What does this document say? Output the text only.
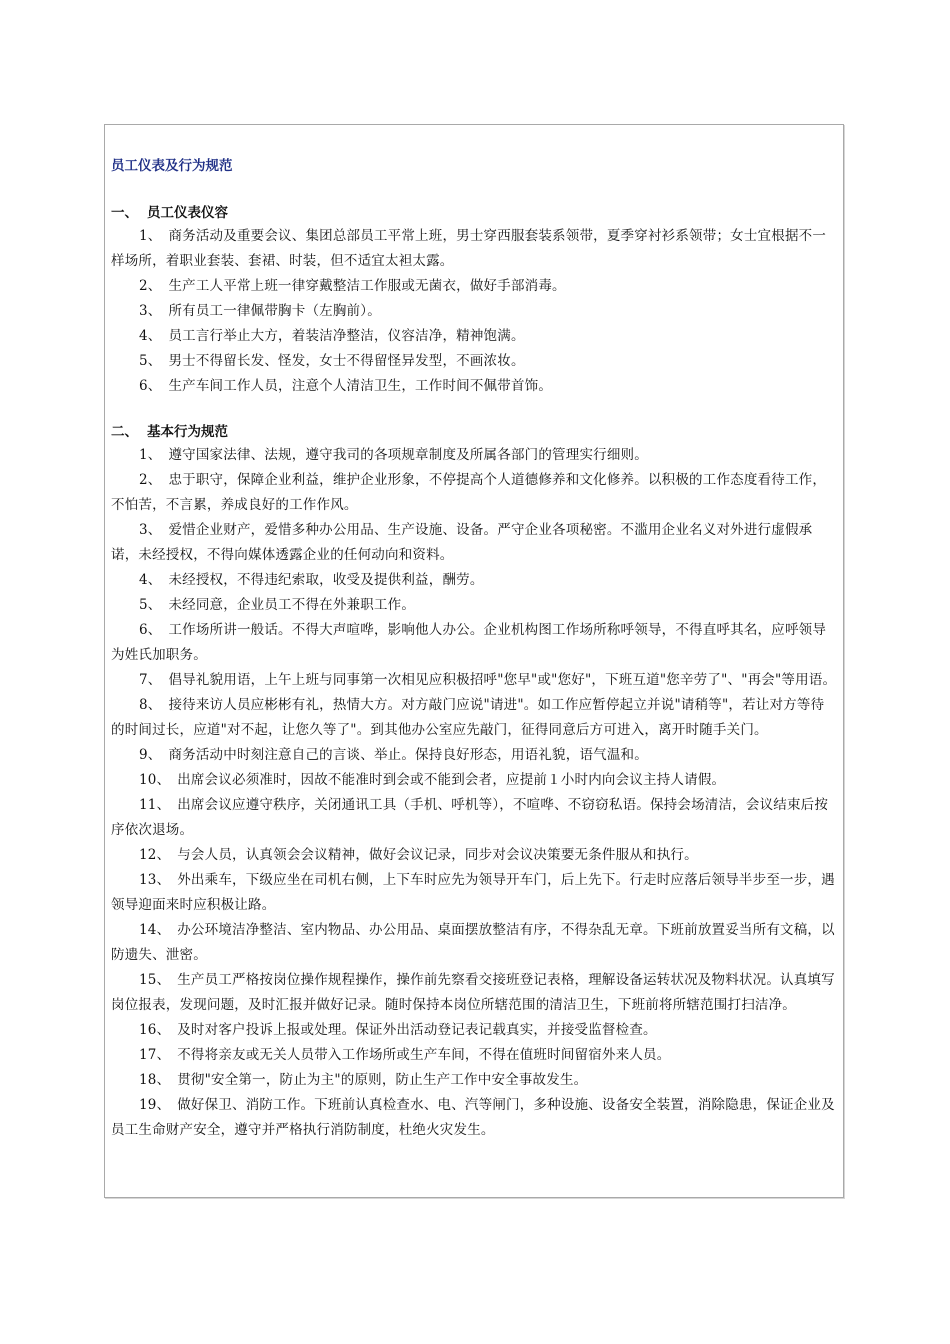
员工仪表及行为规范
一、 员工仪表仪容

1、　商务活动及重要会议、集团总部员工平常上班，男士穿西服套装系领带，夏季穿衬衫系领带；女士宜根据不一样场所，着职业套装、套裙、时装，但不适宜太袒太露。

2、　生产工人平常上班一律穿戴整洁工作服或无菌衣，做好手部消毒。

3、　所有员工一律佩带胸卡（左胸前）。

4、　员工言行举止大方，着装洁净整洁，仪容洁净，精神饱满。

5、　男士不得留长发、怪发，女士不得留怪异发型，不画浓妆。

6、　生产车间工作人员，注意个人清洁卫生，工作时间不佩带首饰。

二、 基本行为规范

1、　遵守国家法律、法规，遵守我司的各项规章制度及所属各部门的管理实行细则。

2、　忠于职守，保障企业利益，维护企业形象，不停提高个人道德修养和文化修养。以积极的工作态度看待工作，不怕苦，不言累，养成良好的工作作风。

3、　爱惜企业财产，爱惜多种办公用品、生产设施、设备。严守企业各项秘密。不滥用企业名义对外进行虚假承诺，未经授权，不得向媒体透露企业的任何动向和资料。

4、　未经授权，不得违纪索取，收受及提供利益，酬劳。

5、　未经同意，企业员工不得在外兼职工作。

6、　工作场所讲一般话。不得大声喧哗，影响他人办公。企业机构图工作场所称呼领导，不得直呼其名，应呼领导为姓氏加职务。

7、　倡导礼貌用语，上午上班与同事第一次相见应积极招呼"您早"或"您好"，下班互道"您辛劳了"、"再会"等用语。

8、　接待来访人员应彬彬有礼，热情大方。对方敲门应说"请进"。如工作应暂停起立并说"请稍等"，若让对方等待的时间过长，应道"对不起，让您久等了"。到其他办公室应先敲门，征得同意后方可进入，离开时随手关门。

9、　商务活动中时刻注意自己的言谈、举止。保持良好形态，用语礼貌，语气温和。

10、　出席会议必须准时，因故不能准时到会或不能到会者，应提前１小时内向会议主持人请假。

11、　出席会议应遵守秩序，关闭通讯工具（手机、呼机等），不喧哗、不窃窃私语。保持会场清洁，会议结束后按序依次退场。

12、　与会人员，认真领会会议精神，做好会议记录，同步对会议决策要无条件服从和执行。

13、　外出乘车，下级应坐在司机右侧，上下车时应先为领导开车门，后上先下。行走时应落后领导半步至一步，遇领导迎面来时应积极让路。

14、　办公环境洁净整洁、室内物品、办公用品、桌面摆放整洁有序，不得杂乱无章。下班前放置妥当所有文稿，以防遗失、泄密。

15、　生产员工严格按岗位操作规程操作，操作前先察看交接班登记表格，理解设备运转状况及物料状况。认真填写岗位报表，发现问题，及时汇报并做好记录。随时保持本岗位所辖范围的清洁卫生，下班前将所辖范围打扫洁净。

16、　及时对客户投诉上报或处理。保证外出活动登记表记载真实，并接受监督检查。

17、　不得将亲友或无关人员带入工作场所或生产车间，不得在值班时间留宿外来人员。

18、　贯彻"安全第一，防止为主"的原则，防止生产工作中安全事故发生。

19、　做好保卫、消防工作。下班前认真检查水、电、汽等闸门，多种设施、设备安全装置，消除隐患，保证企业及员工生命财产安全，遵守并严格执行消防制度，杜绝火灾发生。
